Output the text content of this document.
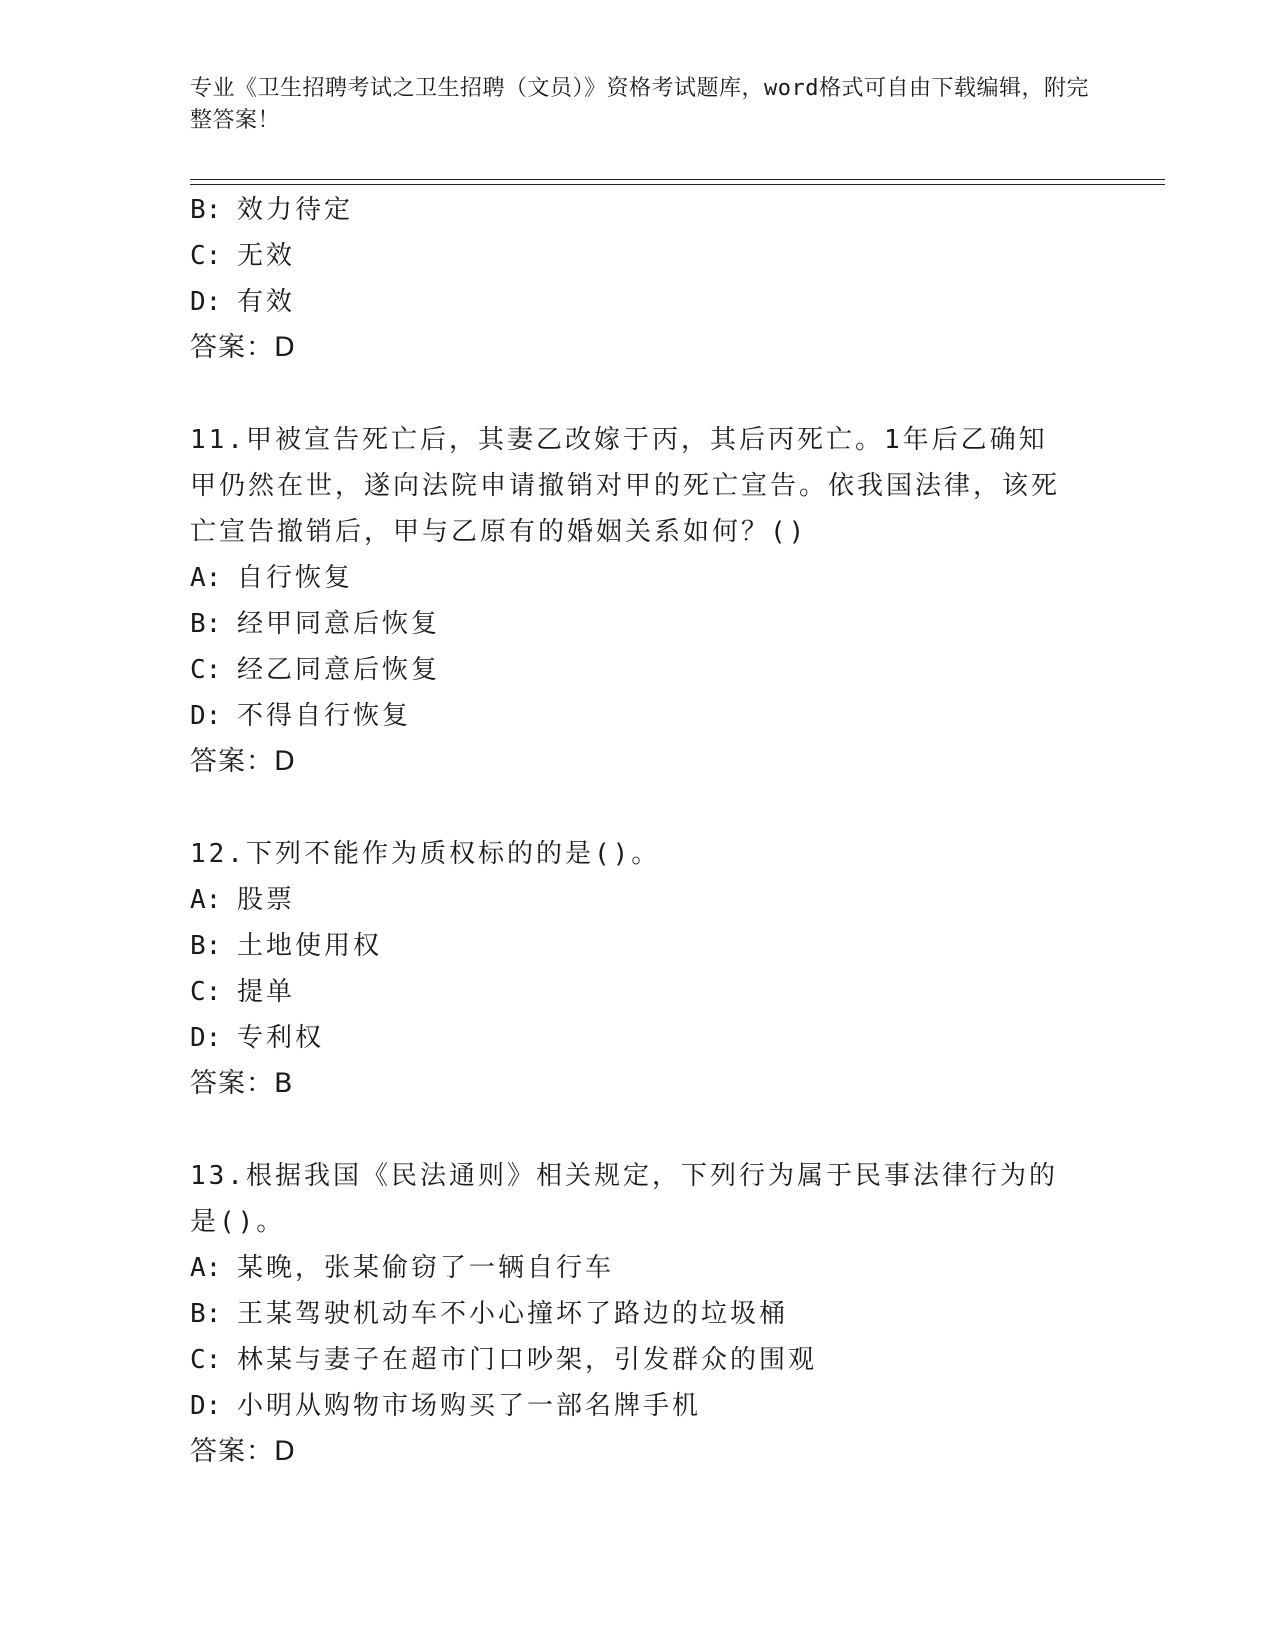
专业《卫生招聘考试之卫生招聘（文员）》资格考试题库，word格式可自由下载编辑，附完整答案！
B: 效力待定
C: 无效
D: 有效
答案：D
11.甲被宣告死亡后，其妻乙改嫁于丙，其后丙死亡。1年后乙确知甲仍然在世，遂向法院申请撤销对甲的死亡宣告。依我国法律，该死亡宣告撤销后，甲与乙原有的婚姻关系如何？()
A: 自行恢复
B: 经甲同意后恢复
C: 经乙同意后恢复
D: 不得自行恢复
答案：D
12.下列不能作为质权标的的是()。
A: 股票
B: 土地使用权
C: 提单
D: 专利权
答案：B
13.根据我国《民法通则》相关规定，下列行为属于民事法律行为的是()。
A: 某晚，张某偷窃了一辆自行车
B: 王某驾驶机动车不小心撞坏了路边的垃圾桶
C: 林某与妻子在超市门口吵架，引发群众的围观
D: 小明从购物市场购买了一部名牌手机
答案：D
